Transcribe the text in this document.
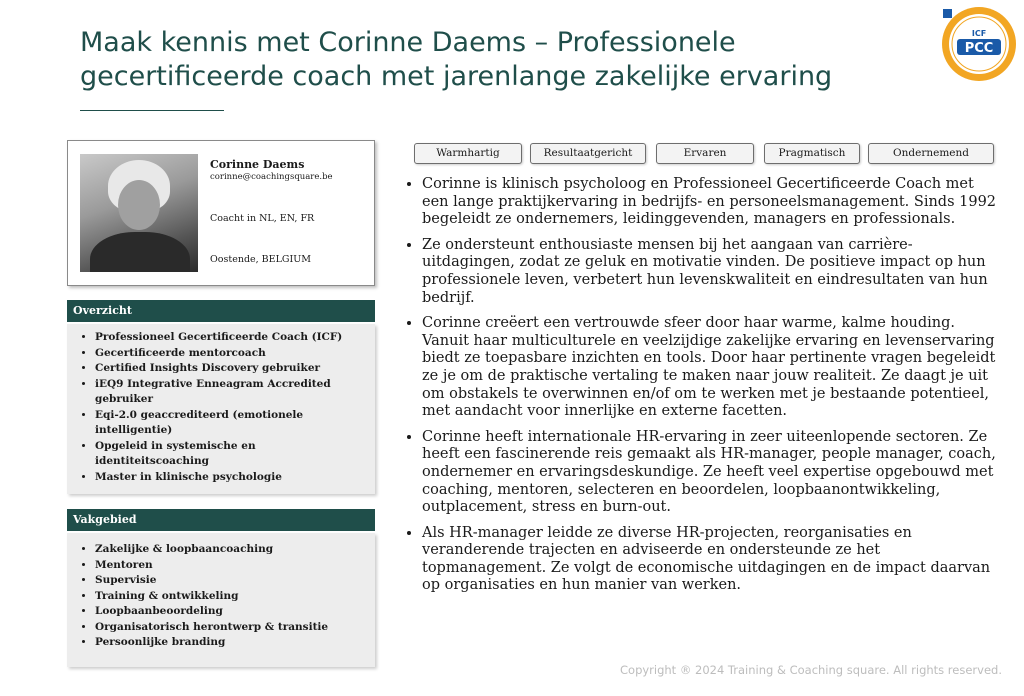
Maak kennis met Corinne Daems – Professionele gecertificeerde coach met jarenlange zakelijke ervaring
ICF
PCC
Corinne Daems
corinne@coachingsquare.be
Coacht in NL, EN, FR
Oostende, BELGIUM
Overzicht
• Professioneel Gecertificeerde Coach (ICF)
• Gecertificeerde mentorcoach
• Certified Insights Discovery gebruiker
• iEQ9 Integrative Enneagram Accredited gebruiker
• Eqi-2.0 geaccrediteerd (emotionele intelligentie)
• Opgeleid in systemische en identiteitscoaching
• Master in klinische psychologie
Vakgebied
• Zakelijke & loopbaancoaching
• Mentoren
• Supervisie
• Training & ontwikkeling
• Loopbaanbeoordeling
• Organisatorisch herontwerp & transitie
• Persoonlijke branding
Warmhartig	Resultaatgericht	Ervaren	Pragmatisch	Ondernemend
• Corinne is klinisch psycholoog en Professioneel Gecertificeerde Coach met een lange praktijkervaring in bedrijfs- en personeelsmanagement. Sinds 1992 begeleidt ze ondernemers, leidinggevenden, managers en professionals.
• Ze ondersteunt enthousiaste mensen bij het aangaan van carrière-uitdagingen, zodat ze geluk en motivatie vinden. De positieve impact op hun professionele leven, verbetert hun levenskwaliteit en eindresultaten van hun bedrijf.
• Corinne creëert een vertrouwde sfeer door haar warme, kalme houding. Vanuit haar multiculturele en veelzijdige zakelijke ervaring en levenservaring biedt ze toepasbare inzichten en tools. Door haar pertinente vragen begeleidt ze je om de praktische vertaling te maken naar jouw realiteit. Ze daagt je uit om obstakels te overwinnen en/of om te werken met je bestaande potentieel, met aandacht voor innerlijke en externe facetten.
• Corinne heeft internationale HR-ervaring in zeer uiteenlopende sectoren. Ze heeft een fascinerende reis gemaakt als HR-manager, people manager, coach, ondernemer en ervaringsdeskundige. Ze heeft veel expertise opgebouwd met coaching, mentoren, selecteren en beoordelen, loopbaanontwikkeling, outplacement, stress en burn-out.
• Als HR-manager leidde ze diverse HR-projecten, reorganisaties en veranderende trajecten en adviseerde en ondersteunde ze het topmanagement. Ze volgt de economische uitdagingen en de impact daarvan op organisaties en hun manier van werken.
Copyright ® 2024 Training & Coaching square. All rights reserved.
